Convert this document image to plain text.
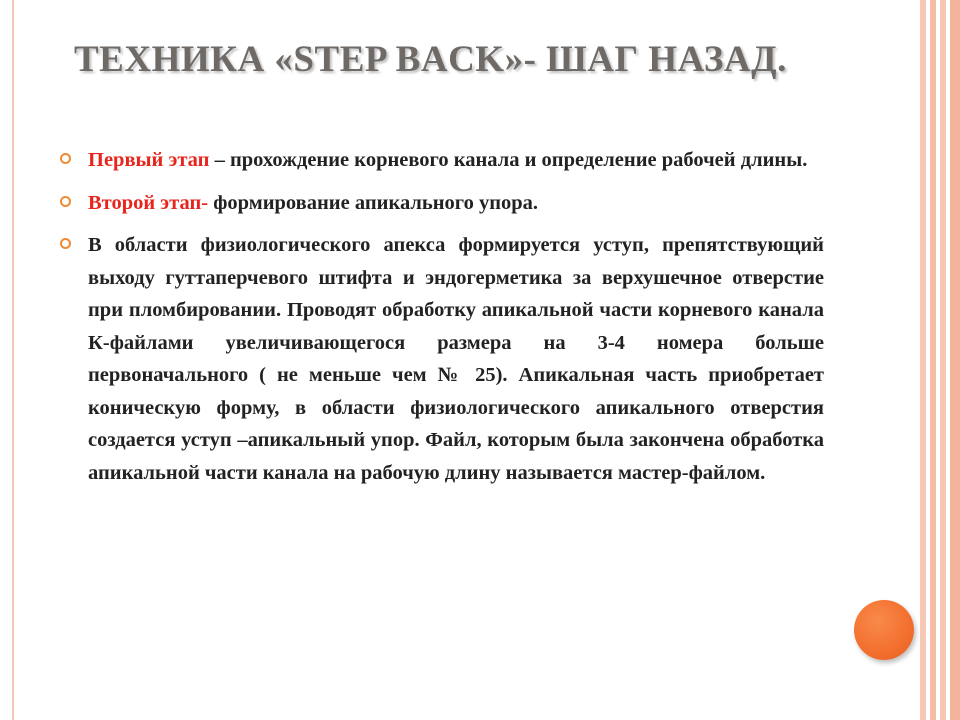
ТЕХНИКА «STEP BACK»- ШАГ НАЗАД.
Первый этап – прохождение корневого канала и определение рабочей длины.
Второй этап- формирование апикального упора.
В области физиологического апекса формируется уступ, препятствующий выходу гуттаперчевого штифта и эндогерметика за верхушечное отверстие при пломбировании. Проводят обработку апикальной части корневого канала К-файлами увеличивающегося размера на 3-4 номера больше первоначального ( не меньше чем № 25). Апикальная часть приобретает коническую форму, в области физиологического апикального отверстия создается уступ –апикальный упор. Файл, которым была закончена обработка апикальной части канала на рабочую длину называется мастер-файлом.
